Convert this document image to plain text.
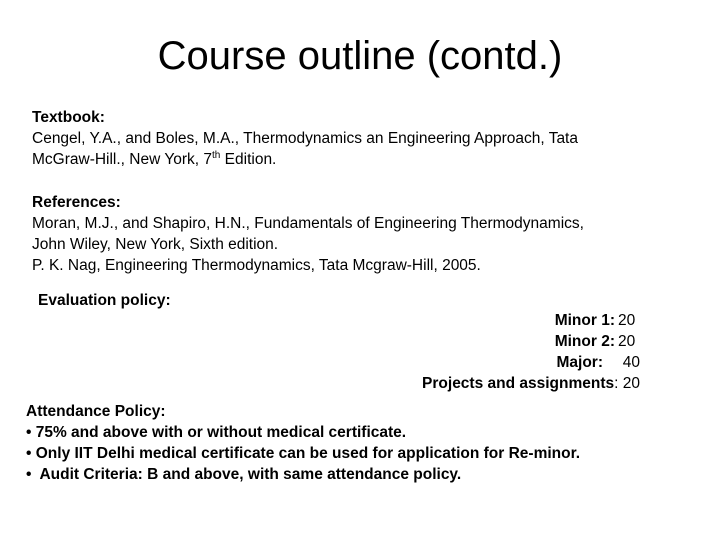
Course outline (contd.)
Textbook:
Cengel, Y.A., and Boles, M.A., Thermodynamics an Engineering Approach, Tata
McGraw-Hill., New York, 7th Edition.
References:
Moran, M.J., and Shapiro, H.N., Fundamentals of Engineering Thermodynamics,
John Wiley, New York, Sixth edition.
P. K. Nag, Engineering Thermodynamics, Tata Mcgraw-Hill, 2005.
Evaluation policy:
Minor 1: 20
Minor 2: 20
Major:	40
Projects and assignments : 20
Attendance Policy:
• 75% and above with or without medical certificate.
• Only IIT Delhi medical certificate can be used for application for Re-minor.
•  Audit Criteria: B and above, with same attendance policy.
